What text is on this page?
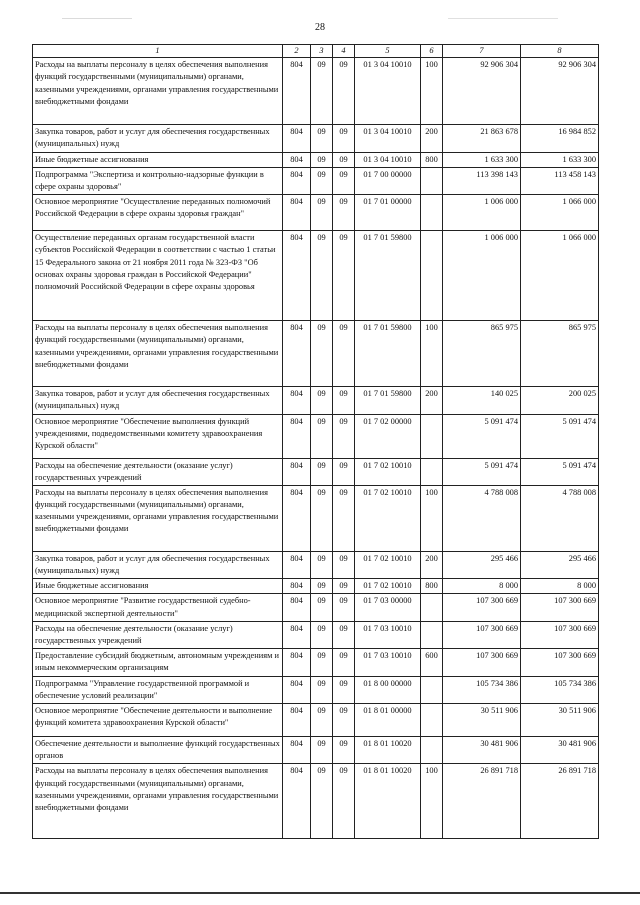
28
1	2	3	4	5	6	7	8
Расходы на выплаты персоналу в целях обеспечения выполнения функций государственными (муниципальными) органами, казенными учреждениями, органами управления государственными внебюджетными фондами	804	09	09	01 3 04 10010	100	92 906 304	92 906 304
Закупка товаров, работ и услуг для обеспечения государственных (муниципальных) нужд	804	09	09	01 3 04 10010	200	21 863 678	16 984 852
Иные бюджетные ассигнования	804	09	09	01 3 04 10010	800	1 633 300	1 633 300
Подпрограмма "Экспертиза и контрольно-надзорные функции в сфере охраны здоровья"	804	09	09	01 7 00 00000		113 398 143	113 458 143
Основное мероприятие "Осуществление переданных полномочий Российской Федерации в сфере охраны здоровья граждан"	804	09	09	01 7 01 00000		1 006 000	1 066 000
Осуществление переданных органам государственной власти субъектов Российской Федерации в соответствии с частью 1 статьи 15 Федерального закона от 21 ноября 2011 года № 323-ФЗ "Об основах охраны здоровья граждан в Российской Федерации" полномочий Российской Федерации в сфере охраны здоровья	804	09	09	01 7 01 59800		1 006 000	1 066 000
Расходы на выплаты персоналу в целях обеспечения выполнения функций государственными (муниципальными) органами, казенными учреждениями, органами управления государственными внебюджетными фондами	804	09	09	01 7 01 59800	100	865 975	865 975
Закупка товаров, работ и услуг для обеспечения государственных (муниципальных) нужд	804	09	09	01 7 01 59800	200	140 025	200 025
Основное мероприятие "Обеспечение выполнения функций учреждениями, подведомственными комитету здравоохранения Курской области"	804	09	09	01 7 02 00000		5 091 474	5 091 474
Расходы на обеспечение деятельности (оказание услуг) государственных учреждений	804	09	09	01 7 02 10010		5 091 474	5 091 474
Расходы на выплаты персоналу в целях обеспечения выполнения функций государственными (муниципальными) органами, казенными учреждениями, органами управления государственными внебюджетными фондами	804	09	09	01 7 02 10010	100	4 788 008	4 788 008
Закупка товаров, работ и услуг для обеспечения государственных (муниципальных) нужд	804	09	09	01 7 02 10010	200	295 466	295 466
Иные бюджетные ассигнования	804	09	09	01 7 02 10010	800	8 000	8 000
Основное мероприятие "Развитие государственной судебно-медицинской экспертной деятельности"	804	09	09	01 7 03 00000		107 300 669	107 300 669
Расходы на обеспечение деятельности (оказание услуг) государственных учреждений	804	09	09	01 7 03 10010		107 300 669	107 300 669
Предоставление субсидий бюджетным, автономным учреждениям и иным некоммерческим организациям	804	09	09	01 7 03 10010	600	107 300 669	107 300 669
Подпрограмма "Управление государственной программой и обеспечение условий реализации"	804	09	09	01 8 00 00000		105 734 386	105 734 386
Основное мероприятие "Обеспечение деятельности и выполнение функций комитета здравоохранения Курской области"	804	09	09	01 8 01 00000		30 511 906	30 511 906
Обеспечение деятельности и выполнение функций государственных органов	804	09	09	01 8 01 10020		30 481 906	30 481 906
Расходы на выплаты персоналу в целях обеспечения выполнения функций государственными (муниципальными) органами, казенными учреждениями, органами управления государственными внебюджетными фондами	804	09	09	01 8 01 10020	100	26 891 718	26 891 718
